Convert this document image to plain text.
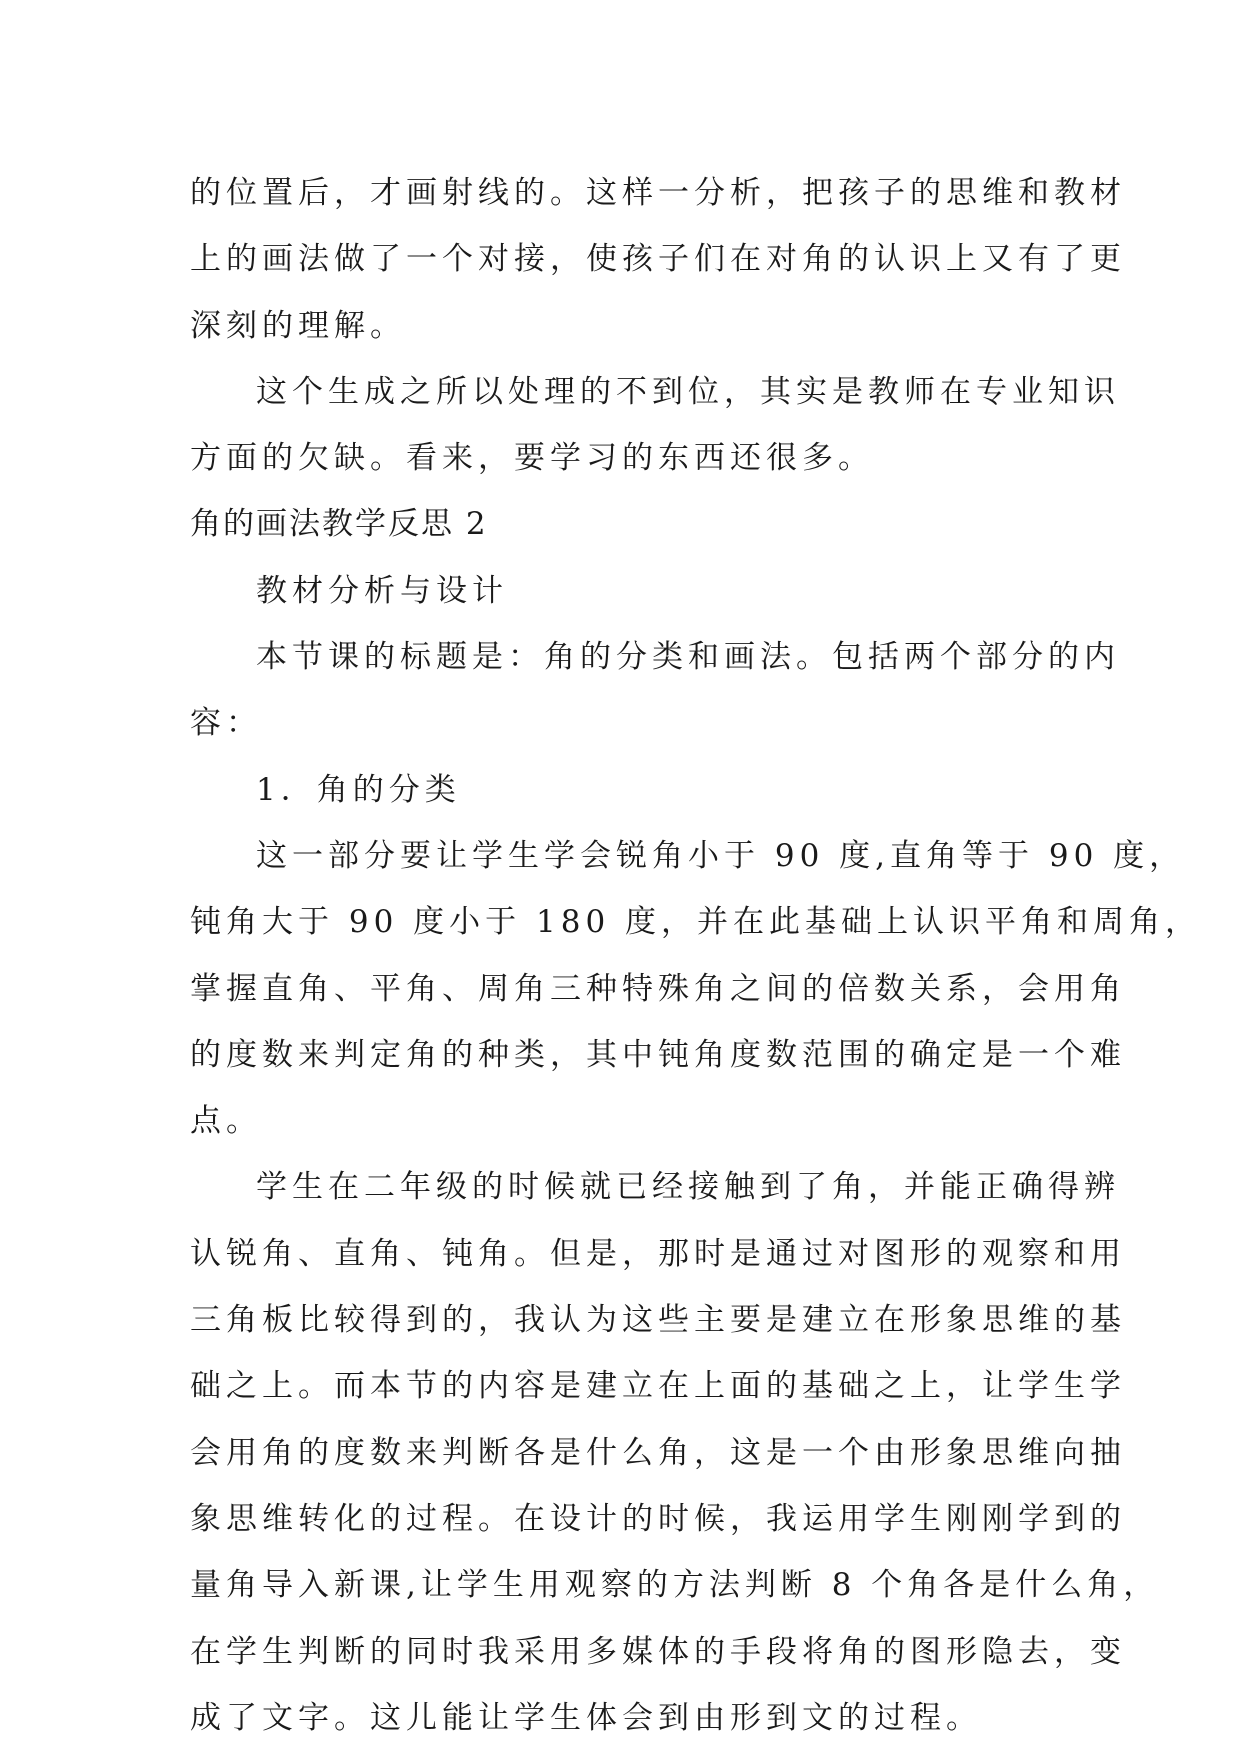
的位置后，才画射线的。这样一分析，把孩子的思维和教材
上的画法做了一个对接，使孩子们在对角的认识上又有了更
深刻的理解。
这个生成之所以处理的不到位，其实是教师在专业知识
方面的欠缺。看来，要学习的东西还很多。
角的画法教学反思 2
教材分析与设计
本节课的标题是：角的分类和画法。包括两个部分的内
容：
1．角的分类
这一部分要让学生学会锐角小于 90 度,直角等于 90 度，
钝角大于 90 度小于 180 度，并在此基础上认识平角和周角，
掌握直角、平角、周角三种特殊角之间的倍数关系，会用角
的度数来判定角的种类，其中钝角度数范围的确定是一个难
点。
学生在二年级的时候就已经接触到了角，并能正确得辨
认锐角、直角、钝角。但是，那时是通过对图形的观察和用
三角板比较得到的，我认为这些主要是建立在形象思维的基
础之上。而本节的内容是建立在上面的基础之上，让学生学
会用角的度数来判断各是什么角，这是一个由形象思维向抽
象思维转化的过程。在设计的时候，我运用学生刚刚学到的
量角导入新课,让学生用观察的方法判断 8 个角各是什么角，
在学生判断的同时我采用多媒体的手段将角的图形隐去，变
成了文字。这儿能让学生体会到由形到文的过程。
